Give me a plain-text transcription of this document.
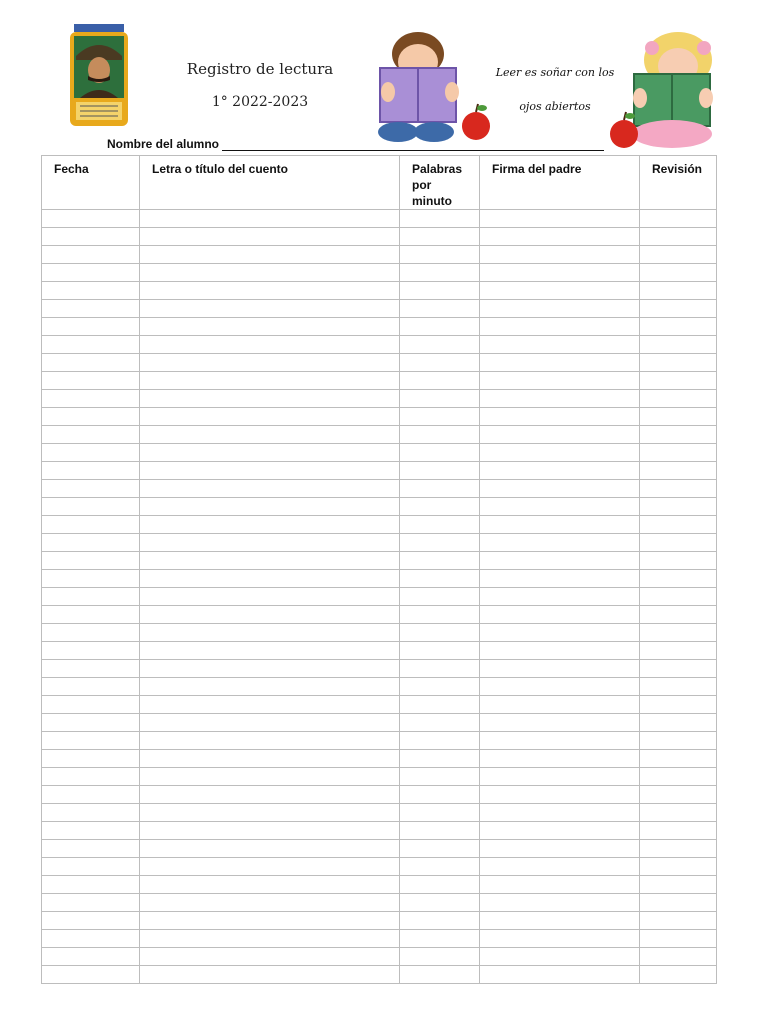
Registro de lectura
1° 2022-2023
Leer es soñar con los
ojos abiertos
Nombre del alumno
Fecha	Letra o título del cuento	Palabras por minuto	Firma del padre	Revisión
